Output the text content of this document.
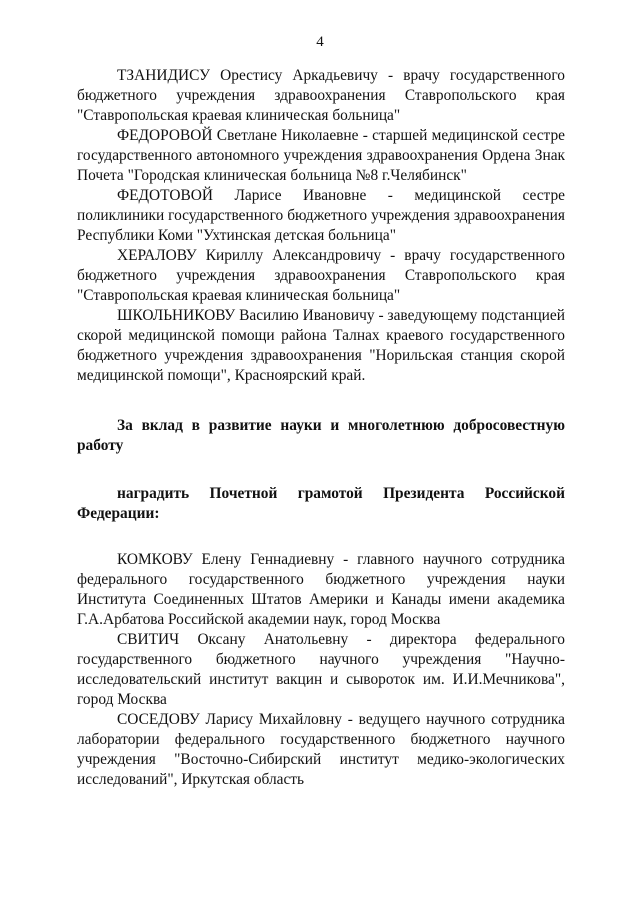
4

ТЗАНИДИСУ Орестису Аркадьевичу - врачу государственного бюджетного учреждения здравоохранения Ставропольского края "Ставропольская краевая клиническая больница"

ФЕДОРОВОЙ Светлане Николаевне - старшей медицинской сестре государственного автономного учреждения здравоохранения Ордена Знак Почета "Городская клиническая больница №8 г.Челябинск"

ФЕДОТОВОЙ Ларисе Ивановне - медицинской сестре поликлиники государственного бюджетного учреждения здравоохранения Республики Коми "Ухтинская детская больница"

ХЕРАЛОВУ Кириллу Александровичу - врачу государственного бюджетного учреждения здравоохранения Ставропольского края "Ставропольская краевая клиническая больница"

ШКОЛЬНИКОВУ Василию Ивановичу - заведующему подстанцией скорой медицинской помощи района Талнах краевого государственного бюджетного учреждения здравоохранения "Норильская станция скорой медицинской помощи", Красноярский край.

За вклад в развитие науки и многолетнюю добросовестную работу

наградить Почетной грамотой Президента Российской Федерации:

КОМКОВУ Елену Геннадиевну - главного научного сотрудника федерального государственного бюджетного учреждения науки Института Соединенных Штатов Америки и Канады имени академика Г.А.Арбатова Российской академии наук, город Москва

СВИТИЧ Оксану Анатольевну - директора федерального государственного бюджетного научного учреждения "Научно-исследовательский институт вакцин и сывороток им. И.И.Мечникова", город Москва

СОСЕДОВУ Ларису Михайловну - ведущего научного сотрудника лаборатории федерального государственного бюджетного научного учреждения "Восточно-Сибирский институт медико-экологических исследований", Иркутская область
